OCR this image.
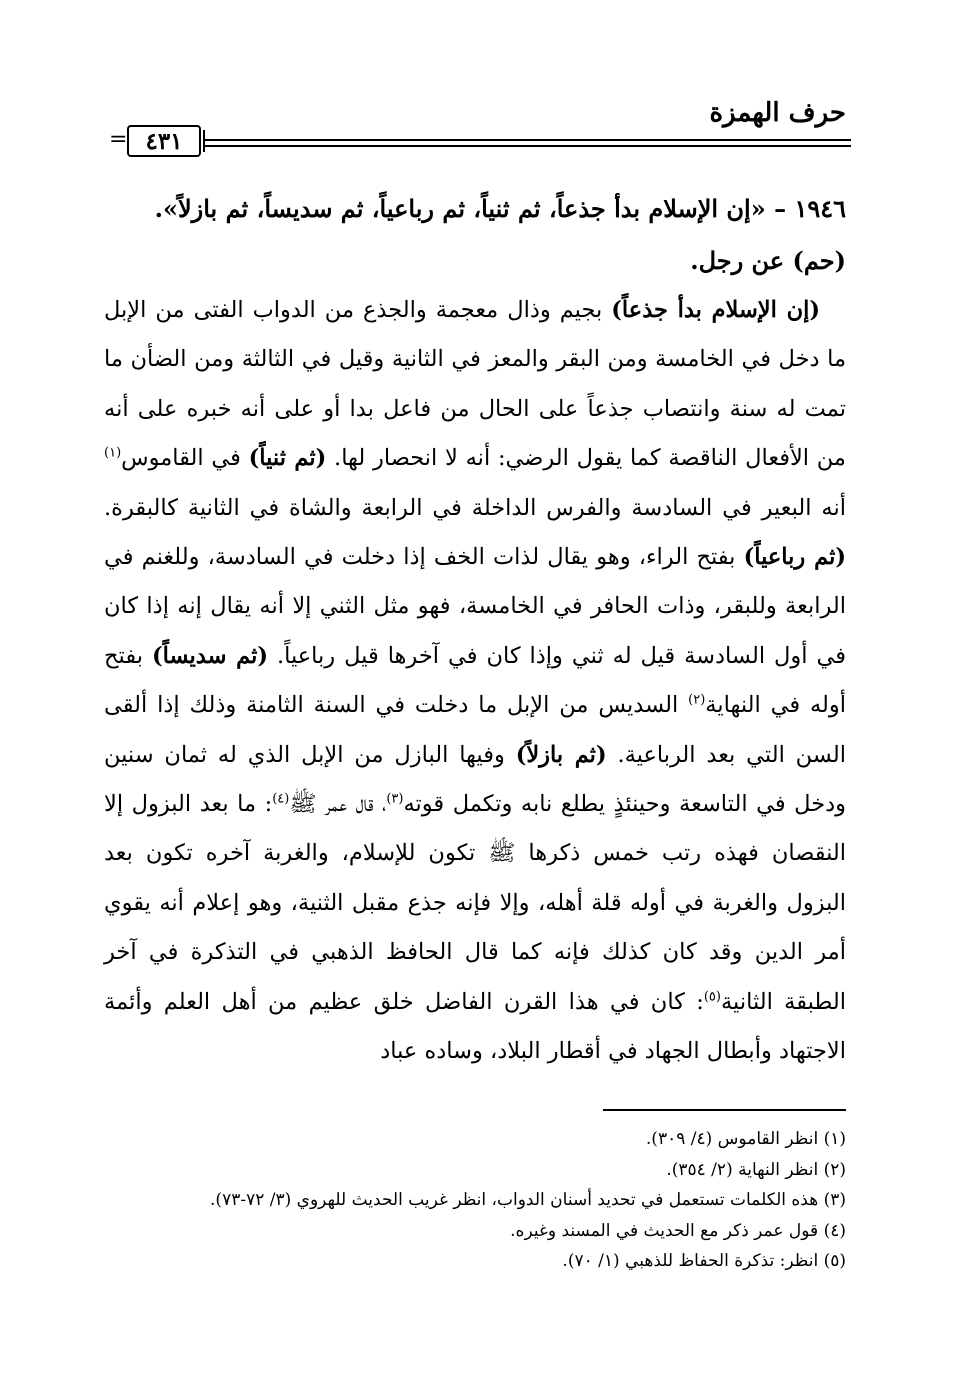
حرف الهمزة
٤٣١
=
١٩٤٦ – «إن الإسلام بدأ جذعاً، ثم ثنياً، ثم رباعياً، ثم سديساً، ثم بازلاً».
(حم) عن رجل.

(إن الإسلام بدأ جذعاً) بجيم وذال معجمة والجذع من الدواب الفتى من الإبل ما دخل في الخامسة ومن البقر والمعز في الثانية وقيل في الثالثة ومن الضأن ما تمت له سنة وانتصاب جذعاً على الحال من فاعل بدا أو على أنه خبره على أنه من الأفعال الناقصة كما يقول الرضي: أنه لا انحصار لها. (ثم ثنياً) في القاموس$^{(١)}$ أنه البعير في السادسة والفرس الداخلة في الرابعة والشاة في الثانية كالبقرة. (ثم رباعياً) بفتح الراء، وهو يقال لذات الخف إذا دخلت في السادسة، وللغنم في الرابعة وللبقر، وذات الحافر في الخامسة، فهو مثل الثني إلا أنه يقال إنه إذا كان في أول السادسة قيل له ثني وإذا كان في آخرها قيل رباعياً. (ثم سديساً) بفتح أوله في النهاية$^{(٢)}$ السديس من الإبل ما دخلت في السنة الثامنة وذلك إذا ألقى السن التي بعد الرباعية. (ثم بازلاً) وفيها البازل من الإبل الذي له ثمان سنين ودخل في التاسعة وحينئذٍ يطلع نابه وتكمل قوته$^{(٣)}$، قال عمر ﷺ$^{(٤)}$: ما بعد البزول إلا النقصان فهذه رتب خمس ذكرها ﷺ تكون للإسلام، والغربة آخره تكون بعد البزول والغربة في أوله قلة أهله، وإلا فإنه جذع مقبل الثنية، وهو إعلام أنه يقوي أمر الدين وقد كان كذلك فإنه كما قال الحافظ الذهبي في التذكرة في آخر الطبقة الثانية$^{(٥)}$: كان في هذا القرن الفاضل خلق عظيم من أهل العلم وأئمة الاجتهاد وأبطال الجهاد في أقطار البلاد، وساده عباد

(١) انظر القاموس (٤/ ٣٠٩).
(٢) انظر النهاية (٢/ ٣٥٤).
(٣) هذه الكلمات تستعمل في تحديد أسنان الدواب، انظر غريب الحديث للهروي (٣/ ٧٢-٧٣).
(٤) قول عمر ذكر مع الحديث في المسند وغيره.
(٥) انظر: تذكرة الحفاظ للذهبي (١/ ٧٠).
